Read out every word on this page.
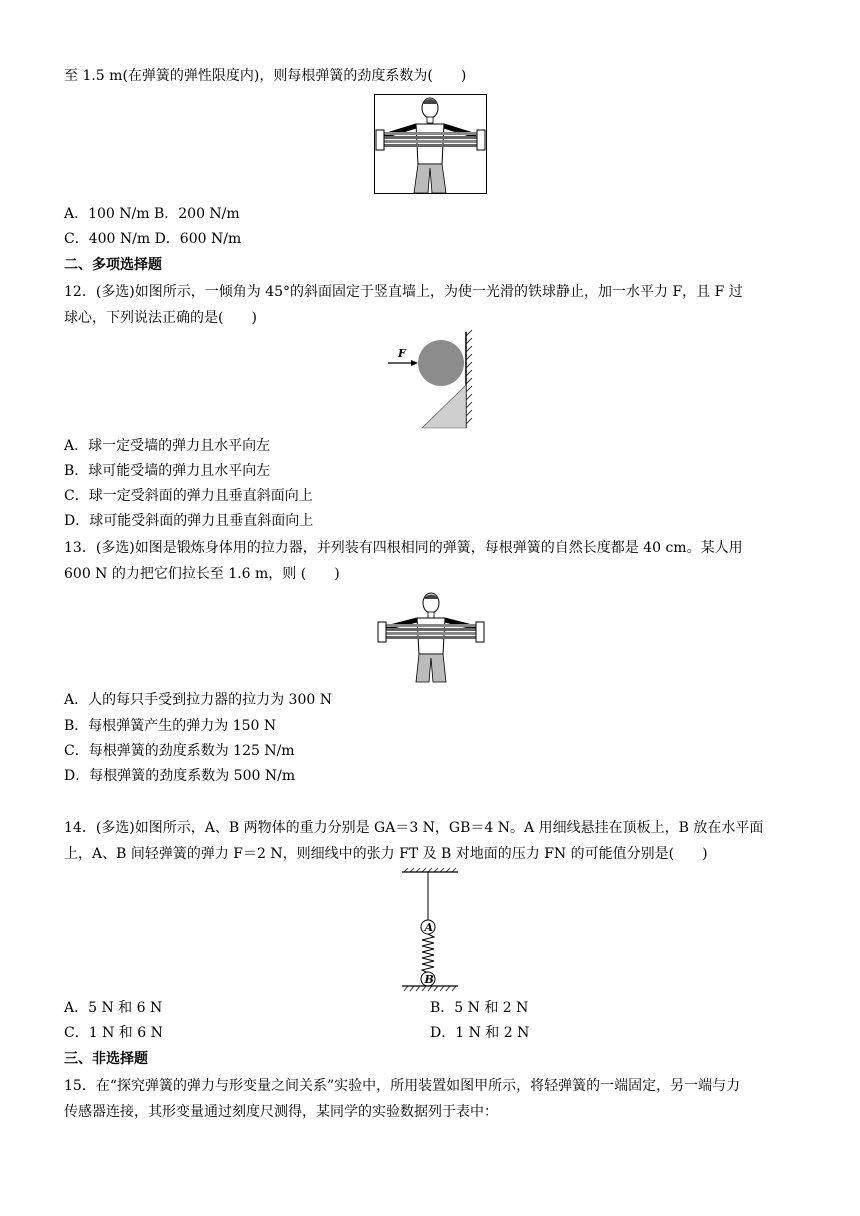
至 1.5 m(在弹簧的弹性限度内)，则每根弹簧的劲度系数为(　　)
A．100 N/m B．200 N/m
C．400 N/m D．600 N/m
二、多项选择题
12．(多选)如图所示，一倾角为 45°的斜面固定于竖直墙上，为使一光滑的铁球静止，加一水平力 F，且 F 过
球心，下列说法正确的是(　　)
F
A．球一定受墙的弹力且水平向左
B．球可能受墙的弹力且水平向左
C．球一定受斜面的弹力且垂直斜面向上
D．球可能受斜面的弹力且垂直斜面向上
13．(多选)如图是锻炼身体用的拉力器，并列装有四根相同的弹簧，每根弹簧的自然长度都是 40 cm。某人用
600 N 的力把它们拉长至 1.6 m，则 (　　)
A．人的每只手受到拉力器的拉力为 300 N
B．每根弹簧产生的弹力为 150 N
C．每根弹簧的劲度系数为 125 N/m
D．每根弹簧的劲度系数为 500 N/m
14．(多选)如图所示，A、B 两物体的重力分别是 GA＝3 N，GB＝4 N。A 用细线悬挂在顶板上，B 放在水平面
上，A、B 间轻弹簧的弹力 F＝2 N，则细线中的张力 FT 及 B 对地面的压力 FN 的可能值分别是(　　)
A
B
A．5 N 和 6 N	B．5 N 和 2 N
C．1 N 和 6 N	D．1 N 和 2 N
三、非选择题
15．在“探究弹簧的弹力与形变量之间关系”实验中，所用装置如图甲所示，将轻弹簧的一端固定，另一端与力
传感器连接，其形变量通过刻度尺测得，某同学的实验数据列于表中：
